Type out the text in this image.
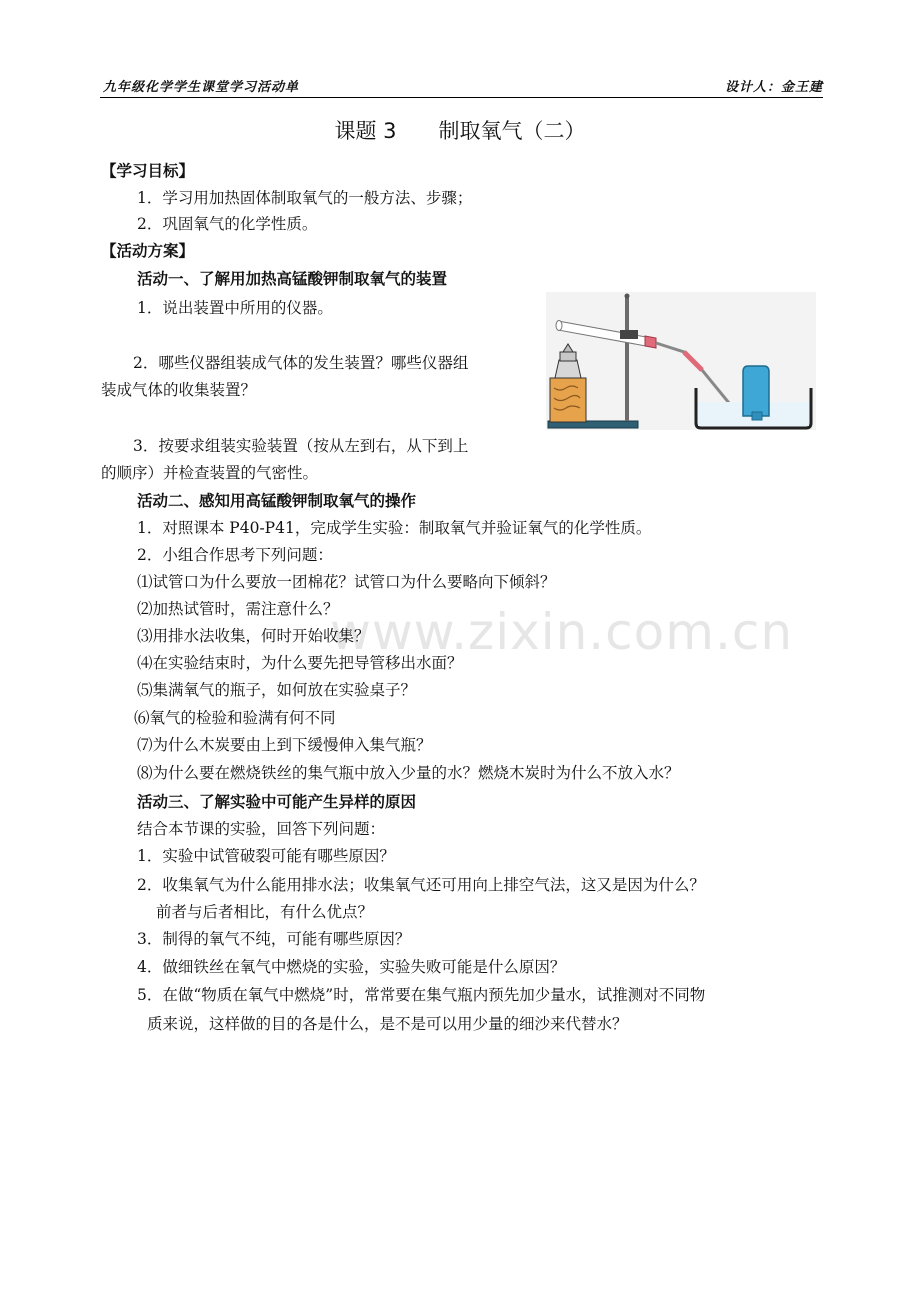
九年级化学学生课堂学习活动单	设计人：金王建
课题 3 制取氧气（二）
www.zixin.com.cn
【学习目标】
1．学习用加热固体制取氧气的一般方法、步骤；
2．巩固氧气的化学性质。
【活动方案】
活动一、了解用加热高锰酸钾制取氧气的装置
1．说出装置中所用的仪器。
2．哪些仪器组装成气体的发生装置？哪些仪器组
装成气体的收集装置？
3．按要求组装实验装置（按从左到右，从下到上
的顺序）并检查装置的气密性。
活动二、感知用高锰酸钾制取氧气的操作
1．对照课本 P40-P41，完成学生实验：制取氧气并验证氧气的化学性质。
2．小组合作思考下列问题：
⑴试管口为什么要放一团棉花？试管口为什么要略向下倾斜？
⑵加热试管时，需注意什么？
⑶用排水法收集，何时开始收集？
⑷在实验结束时，为什么要先把导管移出水面？
⑸集满氧气的瓶子，如何放在实验桌子？
⑹氧气的检验和验满有何不同
⑺为什么木炭要由上到下缓慢伸入集气瓶？
⑻为什么要在燃烧铁丝的集气瓶中放入少量的水？燃烧木炭时为什么不放入水？
活动三、了解实验中可能产生异样的原因
结合本节课的实验，回答下列问题：
1．实验中试管破裂可能有哪些原因？
2．收集氧气为什么能用排水法；收集氧气还可用向上排空气法，这又是因为什么？
前者与后者相比，有什么优点？
3．制得的氧气不纯，可能有哪些原因？
4．做细铁丝在氧气中燃烧的实验，实验失败可能是什么原因？
5．在做“物质在氧气中燃烧”时，常常要在集气瓶内预先加少量水，试推测对不同物
质来说，这样做的目的各是什么，是不是可以用少量的细沙来代替水？
